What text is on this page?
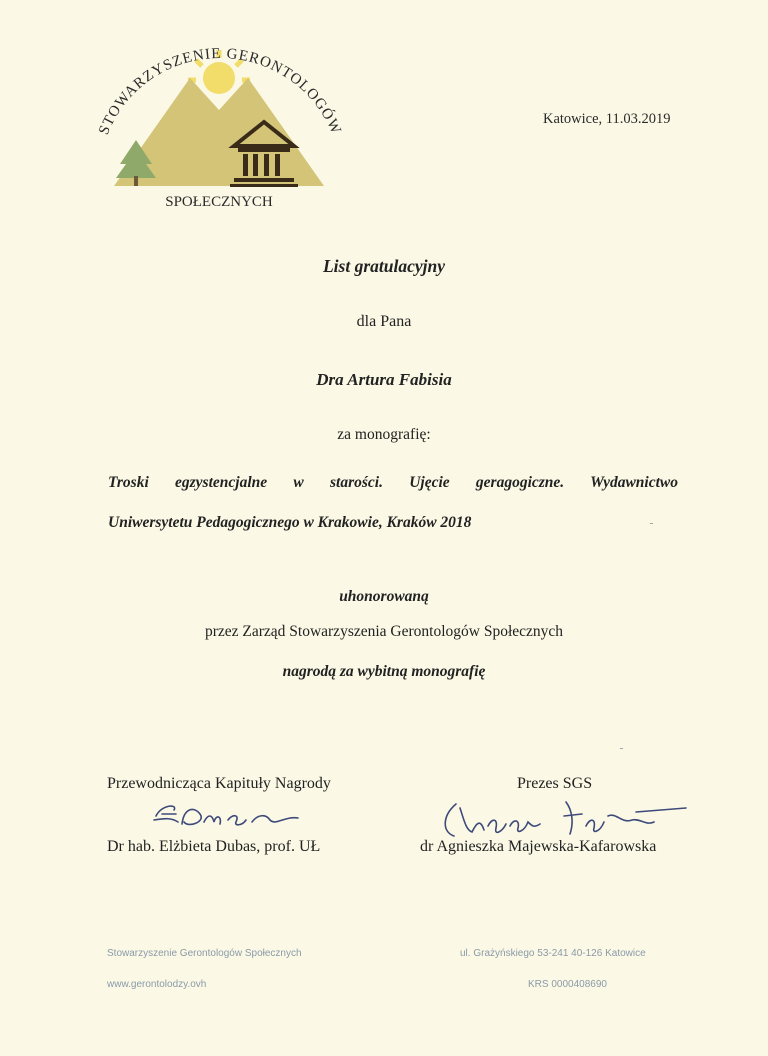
STOWARZYSZENIE GERONTOLOGÓW
SPOŁECZNYCH
Katowice, 11.03.2019
List gratulacyjny
dla Pana
Dra Artura Fabisia
za monografię:
Troski egzystencjalne w starości. Ujęcie geragogiczne. Wydawnictwo
Uniwersytetu Pedagogicznego w Krakowie, Kraków 2018
uhonorowaną
przez Zarząd Stowarzyszenia Gerontologów Społecznych
nagrodą za wybitną monografię
Przewodnicząca Kapituły Nagrody
Dr hab. Elżbieta Dubas, prof. UŁ
Prezes SGS
dr Agnieszka Majewska-Kafarowska
Stowarzyszenie Gerontologów Społecznych	ul. Grażyńskiego 53-241 40-126 Katowice
www.gerontolodzy.ovh	KRS 0000408690
